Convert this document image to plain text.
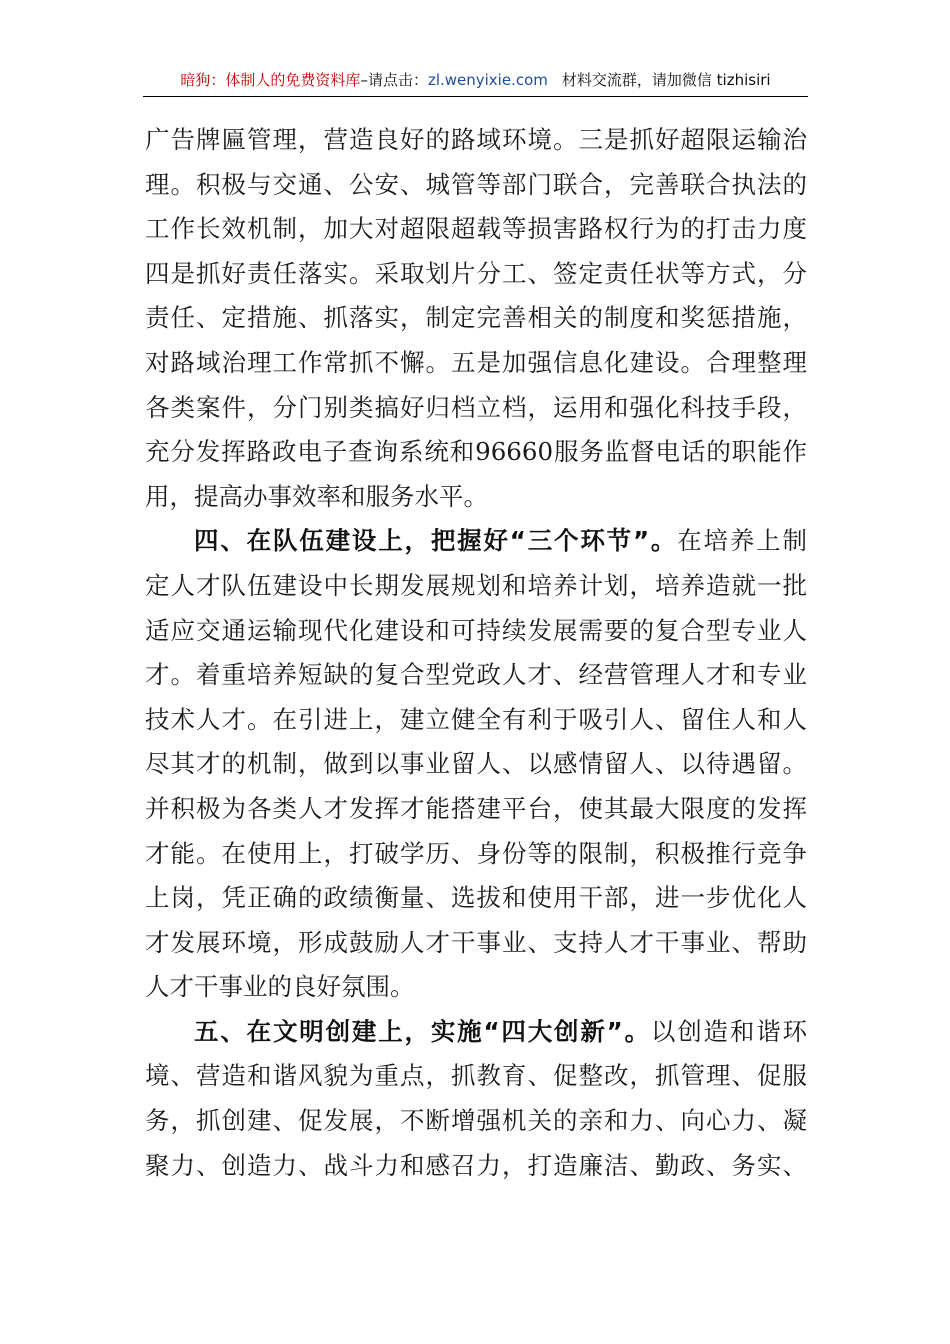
暗狗：体制人的免费资料库–请点击：zl.wenyixie.com 材料交流群，请加微信 tizhisiri
广告牌匾管理，营造良好的路域环境。三是抓好超限运输治
理。积极与交通、公安、城管等部门联合，完善联合执法的
工作长效机制，加大对超限超载等损害路权行为的打击力度
四是抓好责任落实。采取划片分工、签定责任状等方式，分
责任、定措施、抓落实，制定完善相关的制度和奖惩措施，
对路域治理工作常抓不懈。五是加强信息化建设。合理整理
各类案件，分门别类搞好归档立档，运用和强化科技手段，
充分发挥路政电子查询系统和96660服务监督电话的职能作
用，提高办事效率和服务水平。
四、在队伍建设上，把握好“三个环节”。在培养上制
定人才队伍建设中长期发展规划和培养计划，培养造就一批
适应交通运输现代化建设和可持续发展需要的复合型专业人
才。着重培养短缺的复合型党政人才、经营管理人才和专业
技术人才。在引进上，建立健全有利于吸引人、留住人和人
尽其才的机制，做到以事业留人、以感情留人、以待遇留。
并积极为各类人才发挥才能搭建平台，使其最大限度的发挥
才能。在使用上，打破学历、身份等的限制，积极推行竞争
上岗，凭正确的政绩衡量、选拔和使用干部，进一步优化人
才发展环境，形成鼓励人才干事业、支持人才干事业、帮助
人才干事业的良好氛围。
五、在文明创建上，实施“四大创新”。以创造和谐环
境、营造和谐风貌为重点，抓教育、促整改，抓管理、促服
务，抓创建、促发展，不断增强机关的亲和力、向心力、凝
聚力、创造力、战斗力和感召力，打造廉洁、勤政、务实、
